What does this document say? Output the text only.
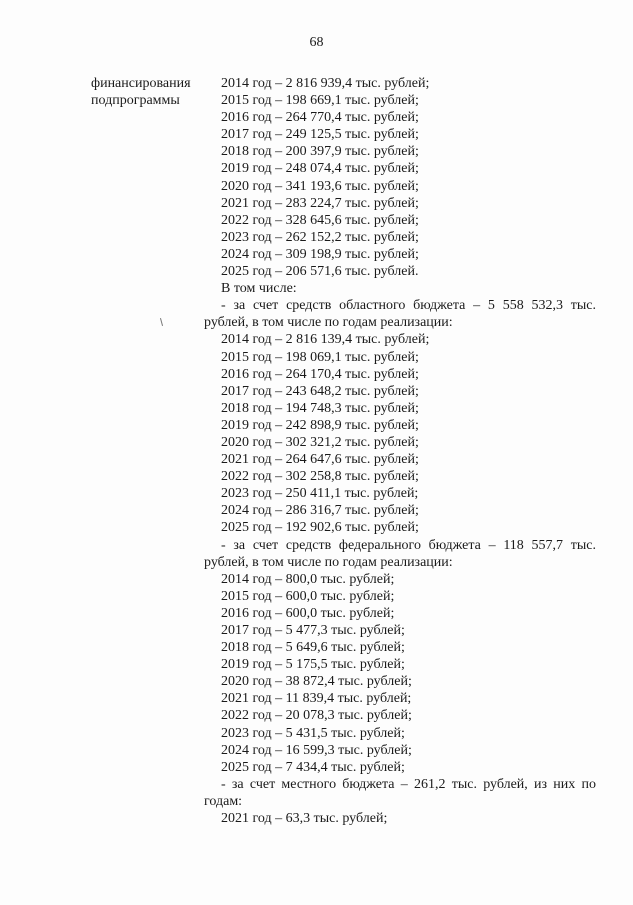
68
финансирования
подпрограммы
2014 год – 2 816 939,4 тыс. рублей;
2015 год – 198 669,1 тыс. рублей;
2016 год – 264 770,4 тыс. рублей;
2017 год – 249 125,5 тыс. рублей;
2018 год – 200 397,9 тыс. рублей;
2019 год – 248 074,4 тыс. рублей;
2020 год – 341 193,6 тыс. рублей;
2021 год – 283 224,7 тыс. рублей;
2022 год – 328 645,6 тыс. рублей;
2023 год – 262 152,2 тыс. рублей;
2024 год – 309 198,9 тыс. рублей;
2025 год – 206 571,6 тыс. рублей.
В том числе:
- за счет средств областного бюджета – 5 558 532,3 тыс.
рублей, в том числе по годам реализации:
2014 год – 2 816 139,4 тыс. рублей;
2015 год – 198 069,1 тыс. рублей;
2016 год – 264 170,4 тыс. рублей;
2017 год – 243 648,2 тыс. рублей;
2018 год – 194 748,3 тыс. рублей;
2019 год – 242 898,9 тыс. рублей;
2020 год – 302 321,2 тыс. рублей;
2021 год – 264 647,6 тыс. рублей;
2022 год – 302 258,8 тыс. рублей;
2023 год – 250 411,1 тыс. рублей;
2024 год – 286 316,7 тыс. рублей;
2025 год – 192 902,6 тыс. рублей;
- за счет средств федерального бюджета – 118 557,7 тыс.
рублей, в том числе по годам реализации:
2014 год – 800,0 тыс. рублей;
2015 год – 600,0 тыс. рублей;
2016 год – 600,0 тыс. рублей;
2017 год – 5 477,3 тыс. рублей;
2018 год – 5 649,6 тыс. рублей;
2019 год – 5 175,5 тыс. рублей;
2020 год – 38 872,4 тыс. рублей;
2021 год – 11 839,4 тыс. рублей;
2022 год – 20 078,3 тыс. рублей;
2023 год – 5 431,5 тыс. рублей;
2024 год – 16 599,3 тыс. рублей;
2025 год – 7 434,4 тыс. рублей;
- за счет местного бюджета – 261,2 тыс. рублей, из них по
годам:
2021 год – 63,3 тыс. рублей;
